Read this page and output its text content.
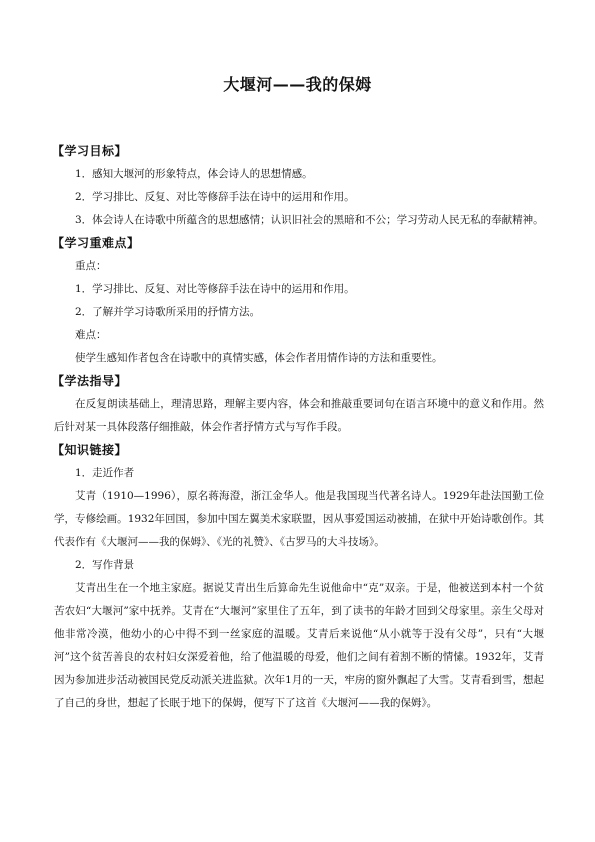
大堰河——我的保姆
【学习目标】

1．感知大堰河的形象特点，体会诗人的思想情感。

2．学习排比、反复、对比等修辞手法在诗中的运用和作用。

3．体会诗人在诗歌中所蕴含的思想感情；认识旧社会的黑暗和不公；学习劳动人民无私的奉献精神。

【学习重难点】

重点：

1．学习排比、反复、对比等修辞手法在诗中的运用和作用。

2．了解并学习诗歌所采用的抒情方法。

难点：

使学生感知作者包含在诗歌中的真情实感，体会作者用情作诗的方法和重要性。

【学法指导】

在反复朗读基础上，理清思路，理解主要内容，体会和推敲重要词句在语言环境中的意义和作用。然后针对某一具体段落仔细推敲，体会作者抒情方式与写作手段。

【知识链接】

1．走近作者

艾青（1910—1996），原名蒋海澄，浙江金华人。他是我国现当代著名诗人。1929年赴法国勤工俭学，专修绘画。1932年回国，参加中国左翼美术家联盟，因从事爱国运动被捕，在狱中开始诗歌创作。其代表作有《大堰河——我的保姆》、《光的礼赞》、《古罗马的大斗技场》。

2．写作背景

艾青出生在一个地主家庭。据说艾青出生后算命先生说他命中“克”双亲。于是，他被送到本村一个贫苦农妇“大堰河”家中抚养。艾青在“大堰河”家里住了五年，到了读书的年龄才回到父母家里。亲生父母对他非常冷漠，他幼小的心中得不到一丝家庭的温暖。艾青后来说他“从小就等于没有父母”，只有“大堰河”这个贫苦善良的农村妇女深爱着他，给了他温暖的母爱，他们之间有着割不断的情愫。1932年，艾青因为参加进步活动被国民党反动派关进监狱。次年1月的一天，牢房的窗外飘起了大雪。艾青看到雪，想起了自己的身世，想起了长眠于地下的保姆，便写下了这首《大堰河——我的保姆》。
